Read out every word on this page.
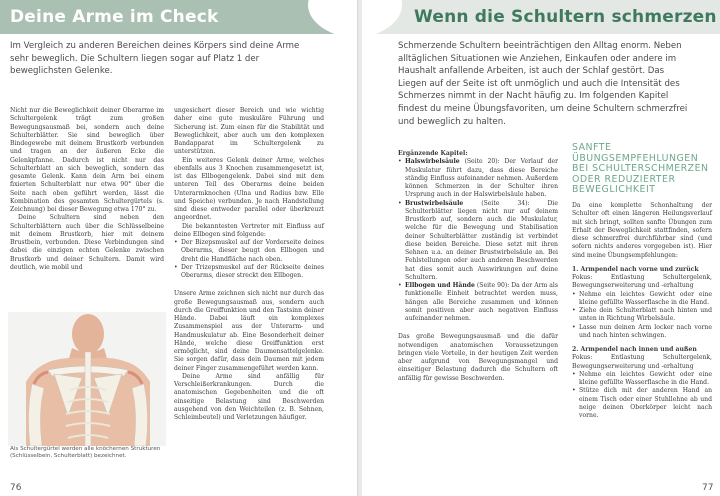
Deine Arme im Check
Im Vergleich zu anderen Bereichen deines Körpers sind deine Arme sehr beweglich. Die Schultern liegen sogar auf Platz 1 der beweglichsten Gelenke.

Nicht nur die Beweglichkeit deiner Oberarme im Schultergelenk trägt zum großen Bewegungsausmaß bei, sondern auch deine Schulterblätter. Sie sind beweglich über Bindegewebe mit deinem Brustkorb verbunden und tragen an der äußeren Ecke die Gelenkpfanne. Dadurch ist nicht nur das Schulterblatt an sich beweglich, sondern das gesamte Gelenk. Kann dein Arm bei einem fixierten Schulterblatt nur etwa 90° über die Seite nach oben geführt werden, lässt die Kombination des gesamten Schultergürtels (s. Zeichnung) bei dieser Bewegung etwa 170° zu.

Deine Schultern sind neben den Schulterblättern auch über die Schlüsselbeine mit deinem Brustkorb, hier mit deinem Brustbein, verbunden. Diese Verbindungen sind dabei die einzigen echten Gelenke zwischen Brustkorb und deiner Schultern. Damit wird deutlich, wie mobil und

Als Schultergürtel werden alle knöchernen Strukturen (Schlüsselbein, Schulterblatt) bezeichnet.

ungesichert dieser Bereich und wie wichtig daher eine gute muskuläre Führung und Sicherung ist. Zum einen für die Stabilität und Beweglichkeit, aber auch um den komplexen Bandapparat im Schultergelenk zu unterstützen.

Ein weiteres Gelenk deiner Arme, welches ebenfalls aus 3 Knochen zusammengesetzt ist, ist das Ellbogengelenk. Dabei sind mit dem unteren Teil des Oberarms deine beiden Unterarmknochen (Ulna und Radius bzw. Elle und Speiche) verbunden. Je nach Handstellung sind diese entweder parallel oder überkreuzt angeordnet.

Die bekanntesten Vertreter mit Einfluss auf deine Ellbogen sind folgende:

• Der Bizepsmuskel auf der Vorderseite deines Oberarms, dieser beugt den Ellbogen und dreht die Handfläche nach oben.
• Der Trizepsmuskel auf der Rückseite deines Oberarms, dieser streckt den Ellbogen.

Unsere Arme zeichnen sich nicht nur durch das große Bewegungsausmaß aus, sondern auch durch die Greiffunktion und den Tastsinn deiner Hände. Dabei läuft ein komplexes Zusammenspiel aus der Unterarm- und Handmuskulatur ab. Eine Besonderheit deiner Hände, welche diese Greiffunktion erst ermöglicht, sind deine Daumensattelgelenke. Sie sorgen dafür, dass dein Daumen mit jedem deiner Finger zusammengeführt werden kann.

Deine Arme sind anfällig für Verschleißerkrankungen. Durch die anatomischen Gegebenheiten und die oft einseitige Belastung sind Beschwerden ausgehend von den Weichteilen (z. B. Sehnen, Schleimbeutel) und Verletzungen häufiger.

76
Wenn die Schultern schmerzen
Schmerzende Schultern beeinträchtigen den Alltag enorm. Neben alltäglichen Situationen wie Anziehen, Einkaufen oder andere im Haushalt anfallende Arbeiten, ist auch der Schlaf gestört. Das Liegen auf der Seite ist oft unmöglich und auch die Intensität des Schmerzes nimmt in der Nacht häufig zu. Im folgenden Kapitel findest du meine Übungsfavoriten, um deine Schultern schmerzfrei und beweglich zu halten.

Ergänzende Kapitel:

• Halswirbelsäule (Seite 20): Der Verlauf der Muskulatur führt dazu, dass diese Bereiche ständig Einfluss aufeinander nehmen. Außerdem können Schmerzen in der Schulter ihren Ursprung auch in der Halswirbelsäule haben.
• Brustwirbelsäule (Seite 34): Die Schulterblätter liegen nicht nur auf deinem Brustkorb auf, sondern auch die Muskulatur, welche für die Bewegung und Stabilisation deiner Schulterblätter zuständig ist verbindet diese beiden Bereiche. Diese setzt mit ihren Sehnen u.a. an deiner Brustwirbelsäule an. Bei Fehlstellungen oder auch anderen Beschwerden hat dies somit auch Auswirkungen auf deine Schultern.
• Ellbogen und Hände (Seite 90): Da der Arm als funktionelle Einheit betrachtet werden muss, hängen alle Bereiche zusammen und können somit positiven aber auch negativen Einfluss aufeinander nehmen.

Das große Bewegungsausmaß und die dafür notwendigen anatomischen Voraussetzungen bringen viele Vorteile, in der heutigen Zeit werden aber aufgrund von Bewegungsmangel und einseitiger Belastung dadurch die Schultern oft anfällig für gewisse Beschwerden.

SANFTE ÜBUNGSEMPFEHLUNGEN BEI SCHULTERSCHMERZEN ODER REDUZIERTER BEWEGLICHKEIT

Da eine komplette Schonhaltung der Schulter oft einen längeren Heilungsverlauf mit sich bringt, sollten sanfte Übungen zum Erhalt der Beweglichkeit stattfinden, sofern diese schmerzfrei durchführbar sind (und sofern nichts anderes vorgegeben ist). Hier sind meine Übungsempfehlungen:

1. Armpendel nach vorne und zurück

Fokus: Entlastung Schultergelenk, Bewegungserweiterung und -erhaltung

• Nehme ein leichtes Gewicht oder eine kleine gefüllte Wasserflasche in die Hand.
• Ziehe dein Schulterblatt nach hinten und unten in Richtung Wirbelsäule.
• Lasse nun deinen Arm locker nach vorne und nach hinten schwingen.

2. Armpendel nach innen und außen

Fokus: Entlastung Schultergelenk, Bewegungserweiterung und -erhaltung

• Nehme ein leichtes Gewicht oder eine kleine gefüllte Wasserflasche in die Hand.
• Stütze dich mit der anderen Hand an einem Tisch oder einer Stuhllehne ab und neige deinen Oberkörper leicht nach vorne.
77
